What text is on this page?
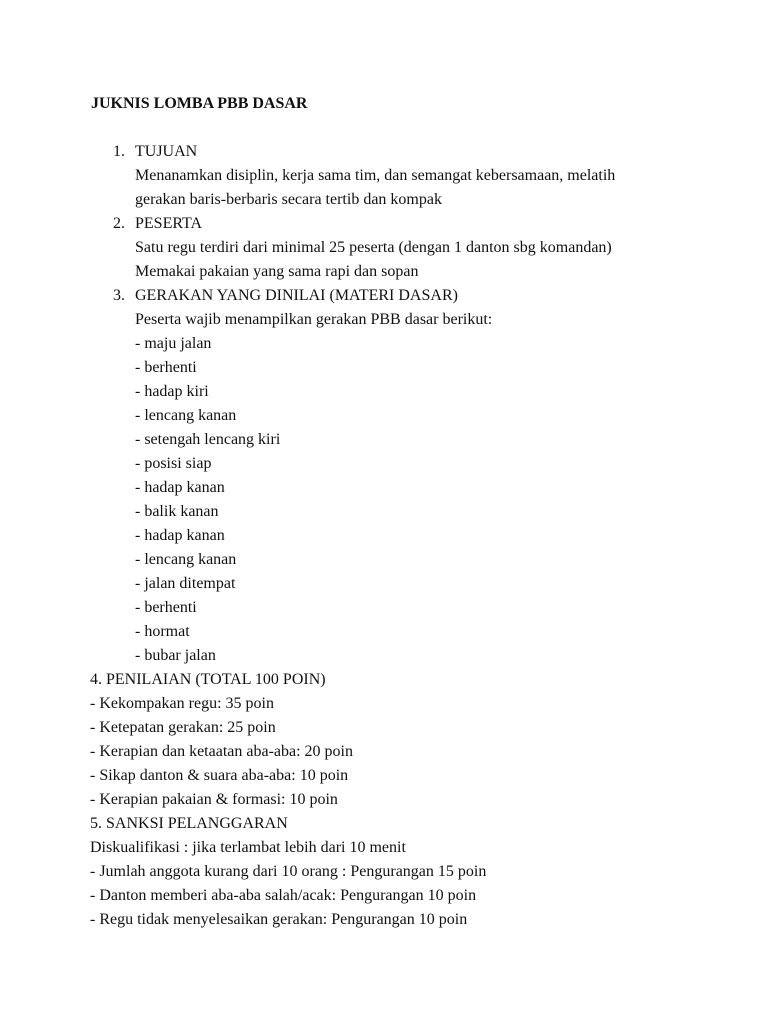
JUKNIS LOMBA PBB DASAR
1. TUJUAN
Menanamkan disiplin, kerja sama tim, dan semangat kebersamaan, melatih
gerakan baris-berbaris secara tertib dan kompak
2. PESERTA
Satu regu terdiri dari minimal 25 peserta (dengan 1 danton sbg komandan)
Memakai pakaian yang sama rapi dan sopan
3. GERAKAN YANG DINILAI (MATERI DASAR)
Peserta wajib menampilkan gerakan PBB dasar berikut:
- maju jalan
- berhenti
- hadap kiri
- lencang kanan
- setengah lencang kiri
- posisi siap
- hadap kanan
- balik kanan
- hadap kanan
- lencang kanan
- jalan ditempat
- berhenti
- hormat
- bubar jalan
4. PENILAIAN (TOTAL 100 POIN)
- Kekompakan regu: 35 poin
- Ketepatan gerakan: 25 poin
- Kerapian dan ketaatan aba-aba: 20 poin
- Sikap danton & suara aba-aba: 10 poin
- Kerapian pakaian & formasi: 10 poin
5. SANKSI PELANGGARAN
Diskualifikasi : jika terlambat lebih dari 10 menit
- Jumlah anggota kurang dari 10 orang : Pengurangan 15 poin
- Danton memberi aba-aba salah/acak: Pengurangan 10 poin
- Regu tidak menyelesaikan gerakan: Pengurangan 10 poin
